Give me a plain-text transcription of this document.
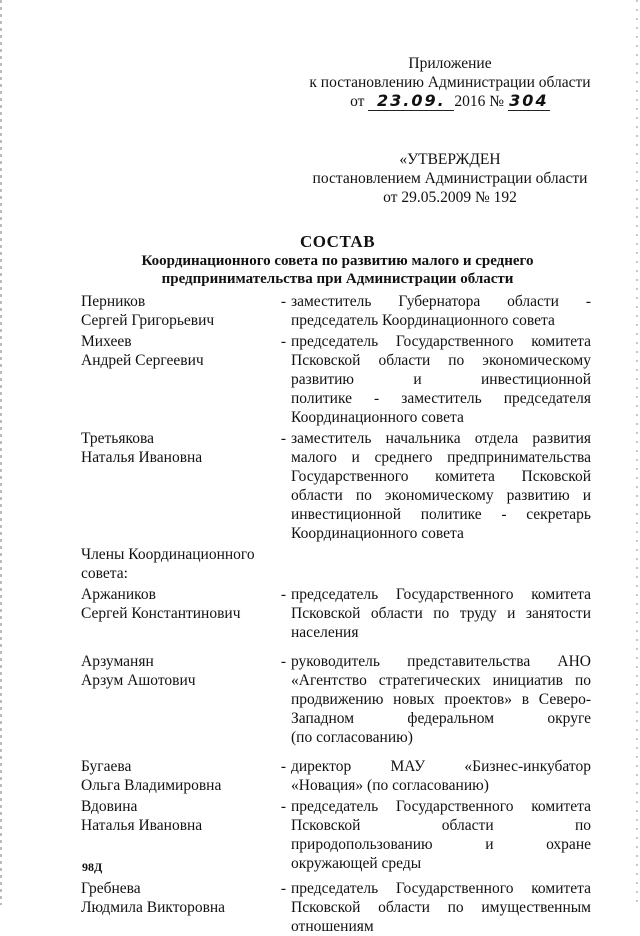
Приложение
к постановлению Администрации области
от 23.09. 2016 № 304
«УТВЕРЖДЕН
постановлением Администрации области
от 29.05.2009 № 192
СОСТАВ
Координационного совета по развитию малого и среднего
предпринимательства при Администрации области
Перников
Сергей Григорьевич
- заместитель Губернатора области -
председатель Координационного совета
Михеев
Андрей Сергеевич
- председатель Государственного комитета
Псковской области по экономическому
развитию и инвестиционной
политике - заместитель председателя
Координационного совета
Третьякова
Наталья Ивановна
- заместитель начальника отдела развития
малого и среднего предпринимательства
Государственного комитета Псковской
области по экономическому развитию и
инвестиционной политике - секретарь
Координационного совета
Члены Координационного
совета:
Аржаников
Сергей Константинович
- председатель Государственного комитета
Псковской области по труду и занятости
населения
Арзуманян
Арзум Ашотович
- руководитель представительства АНО
«Агентство стратегических инициатив по
продвижению новых проектов» в Северо-
Западном федеральном округе
(по согласованию)
Бугаева
Ольга Владимировна
- директор МАУ «Бизнес-инкубатор
«Новация» (по согласованию)
Вдовина
Наталья Ивановна
- председатель Государственного комитета
Псковской области по
природопользованию и охране
окружающей среды
Гребнева
Людмила Викторовна
- председатель Государственного комитета
Псковской области по имущественным
отношениям
98Д
